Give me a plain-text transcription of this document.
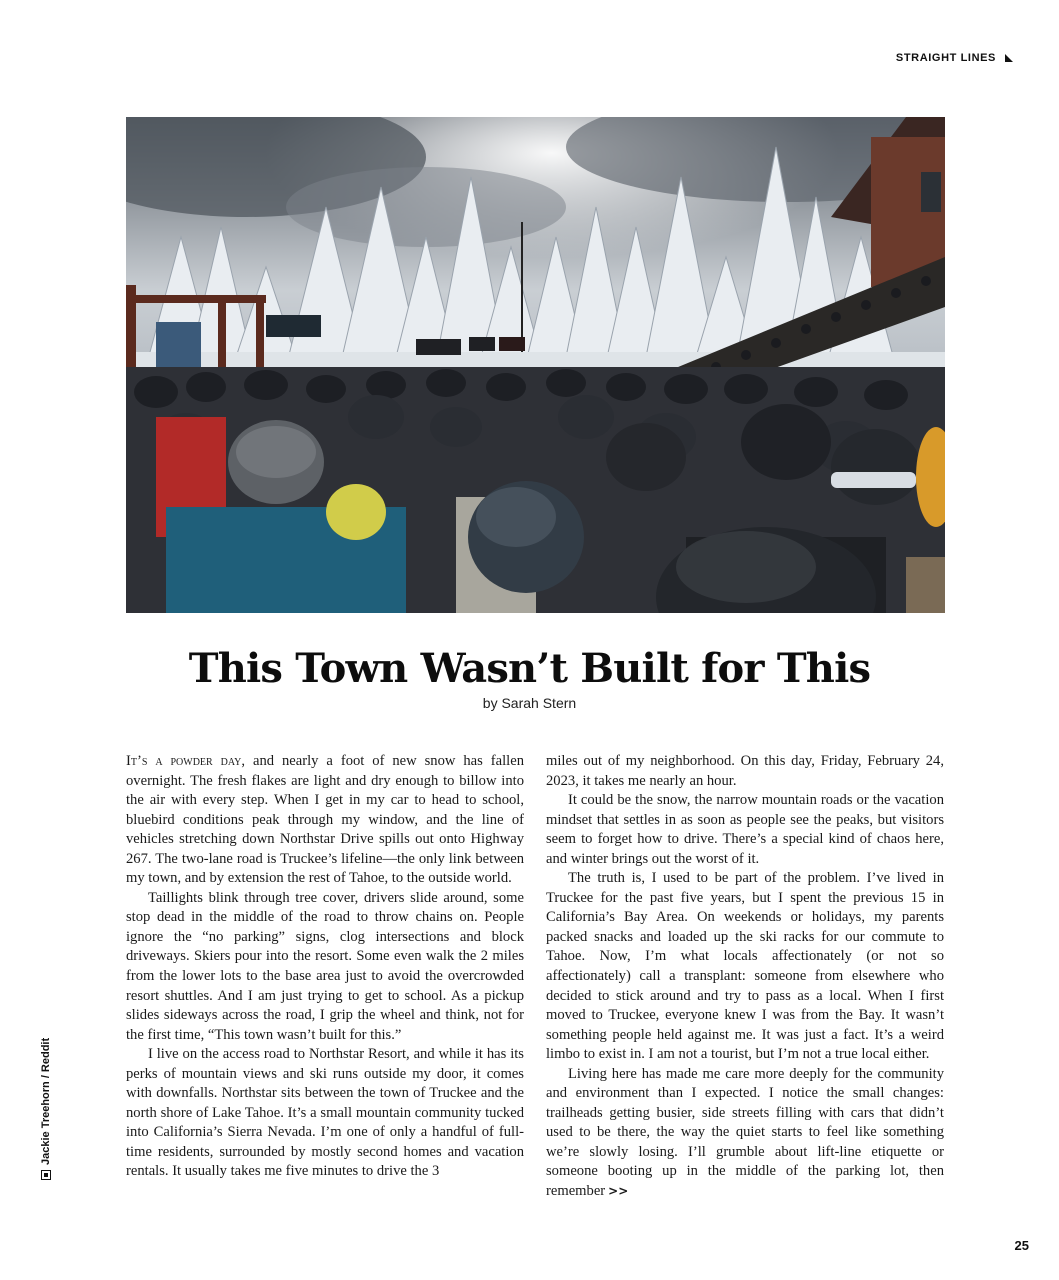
STRAIGHT LINES
This Town Wasn’t Built for This
by Sarah Stern

It’s a powder day, and nearly a foot of new snow has fallen overnight. The fresh flakes are light and dry enough to billow into the air with every step. When I get in my car to head to school, bluebird conditions peak through my window, and the line of vehicles stretching down Northstar Drive spills out onto Highway 267. The two-lane road is Truckee’s lifeline—the only link between my town, and by extension the rest of Tahoe, to the outside world.

Taillights blink through tree cover, drivers slide around, some stop dead in the middle of the road to throw chains on. People ignore the “no parking” signs, clog intersections and block driveways. Skiers pour into the resort. Some even walk the 2 miles from the lower lots to the base area just to avoid the overcrowded resort shuttles. And I am just trying to get to school. As a pickup slides sideways across the road, I grip the wheel and think, not for the first time, “This town wasn’t built for this.”

I live on the access road to Northstar Resort, and while it has its perks of mountain views and ski runs outside my door, it comes with downfalls. Northstar sits between the town of Truckee and the north shore of Lake Tahoe. It’s a small mountain community tucked into California’s Sierra Nevada. I’m one of only a handful of full-time residents, surrounded by mostly second homes and vacation rentals. It usually takes me five minutes to drive the 3

miles out of my neighborhood. On this day, Friday, February 24, 2023, it takes me nearly an hour.

It could be the snow, the narrow mountain roads or the vacation mindset that settles in as soon as people see the peaks, but visitors seem to forget how to drive. There’s a special kind of chaos here, and winter brings out the worst of it.

The truth is, I used to be part of the problem. I’ve lived in Truckee for the past five years, but I spent the previous 15 in California’s Bay Area. On weekends or holidays, my parents packed snacks and loaded up the ski racks for our commute to Tahoe. Now, I’m what locals affectionately (or not so affectionately) call a transplant: someone from elsewhere who decided to stick around and try to pass as a local. When I first moved to Truckee, everyone knew I was from the Bay. It wasn’t something people held against me. It was just a fact. It’s a weird limbo to exist in. I am not a tourist, but I’m not a true local either.

Living here has made me care more deeply for the community and environment than I expected. I notice the small changes: trailheads getting busier, side streets filling with cars that didn’t used to be there, the way the quiet starts to feel like something we’re slowly losing. I’ll grumble about lift-line etiquette or someone booting up in the middle of the parking lot, then remember >>

Jackie Treehorn / Reddit
25
